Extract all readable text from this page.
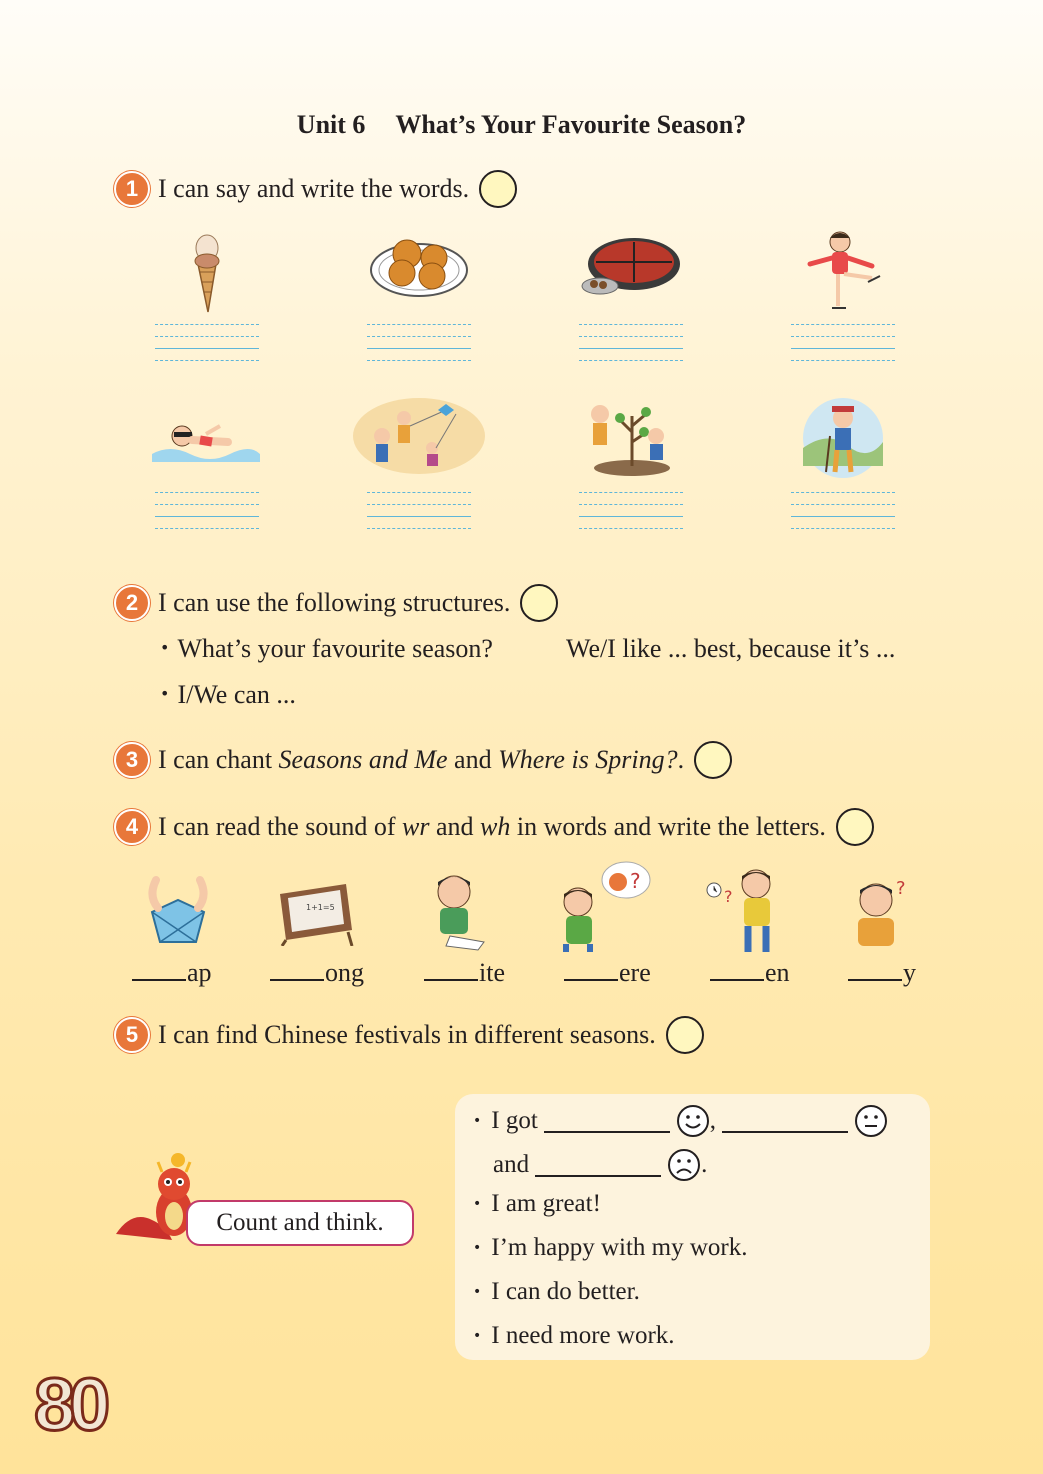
Unit 6 What’s Your Favourite Season?
1 I can say and write the words.
2 I can use the following structures.
• What’s your favourite season?	We/I like ... best, because it’s ...
• I/We can ...
3 I can chant Seasons and Me and Where is Spring? .
4 I can read the sound of wr and wh in words and write the letters.
1+1=5
?
?	?
ap	ong	ite	ere	en	y
5 I can find Chinese festivals in different seasons.
Count and think.
• I got	,
and	.
• I am great!
• I’m happy with my work.
• I can do better.
• I need more work.
80
